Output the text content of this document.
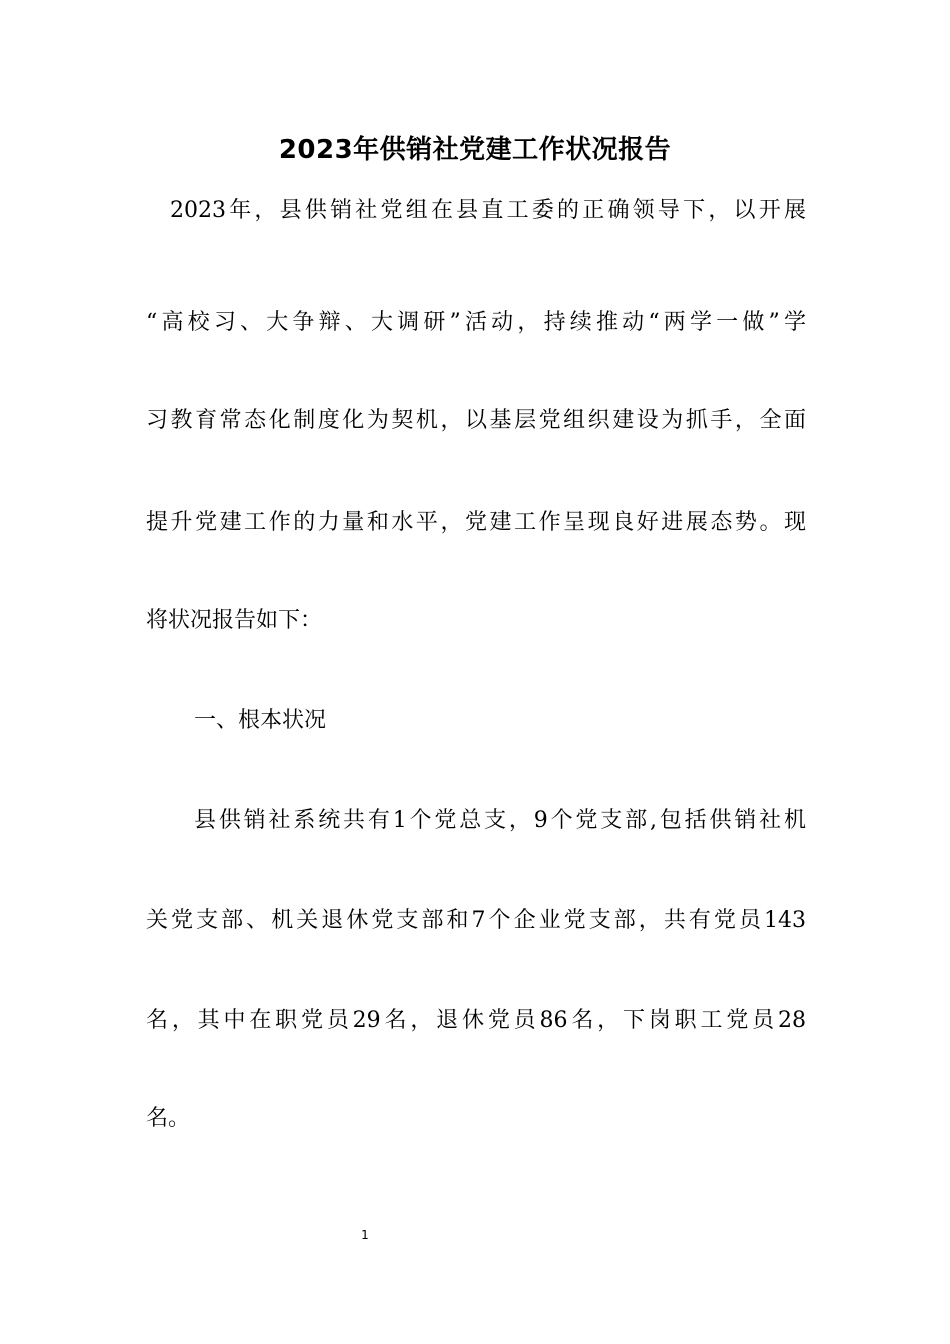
2023年供销社党建工作状况报告
2023年，县供销社党组在县直工委的正确领导下，以开展
“高校习、大争辩、大调研”活动，持续推动“两学一做”学
习教育常态化制度化为契机，以基层党组织建设为抓手，全面
提升党建工作的力量和水平，党建工作呈现良好进展态势。现
将状况报告如下：
一、根本状况
县供销社系统共有1个党总支，9个党支部,包括供销社机
关党支部、机关退休党支部和7个企业党支部，共有党员143
名，其中在职党员29名，退休党员86名，下岗职工党员28
名。
1
